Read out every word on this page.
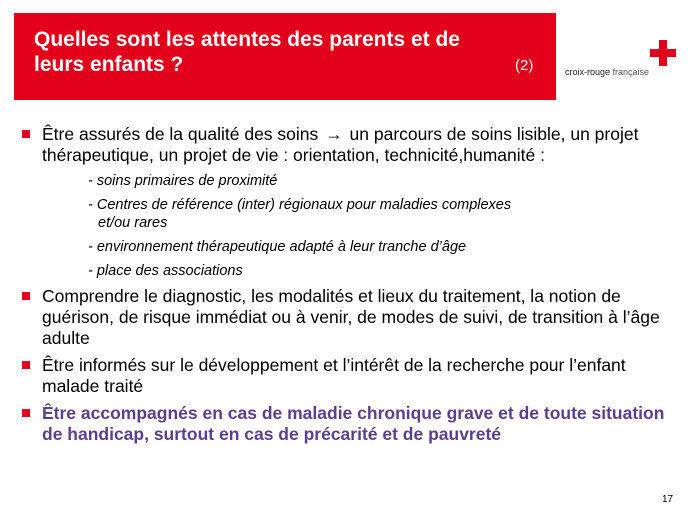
Quelles sont les attentes des parents et de leurs enfants ?	(2)	croix-rouge française
Être assurés de la qualité des soins → un parcours de soins lisible, un projet thérapeutique, un projet de vie : orientation, technicité,humanité :
- soins primaires de proximité
- Centres de référence (inter) régionaux pour maladies complexes
et/ou rares
- environnement thérapeutique adapté à leur tranche d’âge
- place des associations
Comprendre le diagnostic, les modalités et lieux du traitement, la notion de guérison, de risque immédiat ou à venir, de modes de suivi, de transition à l’âge adulte
Être informés sur le développement et l’intérêt de la recherche pour l’enfant malade traité
Être accompagnés en cas de maladie chronique grave et de toute situation de handicap, surtout en cas de précarité et de pauvreté
17
